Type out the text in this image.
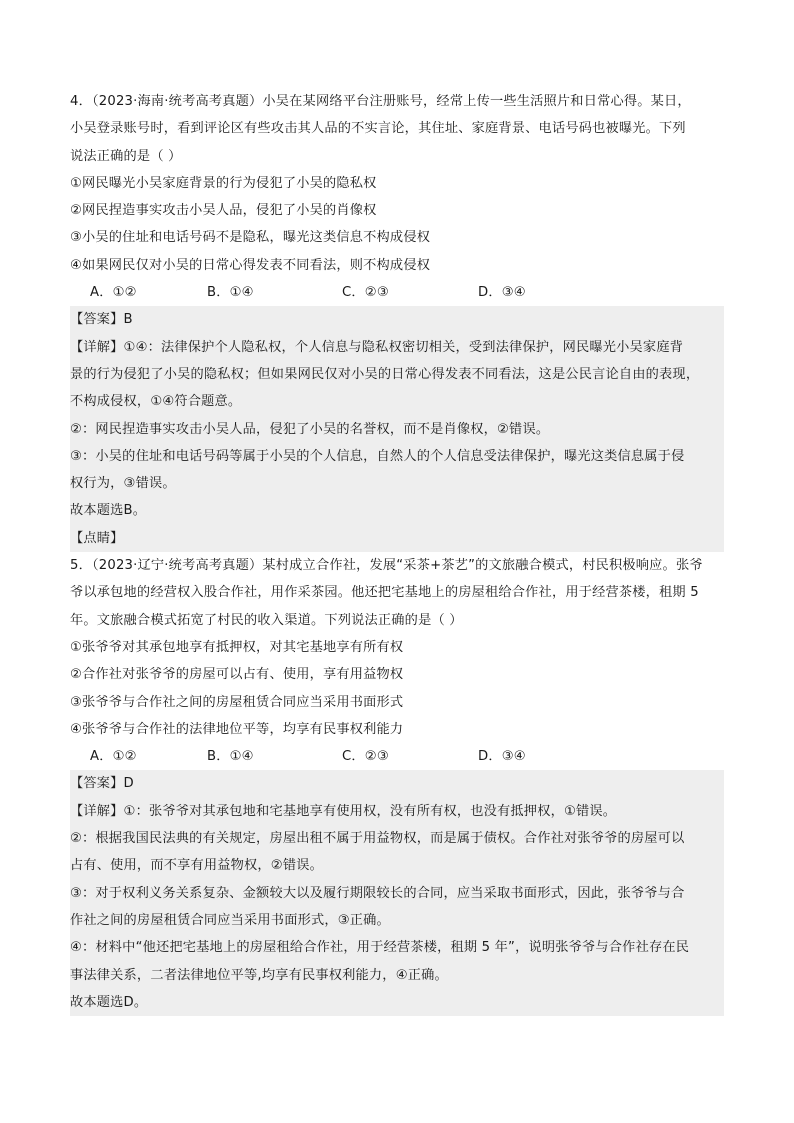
4．（2023·海南·统考高考真题）小吴在某网络平台注册账号，经常上传一些生活照片和日常心得。某日，
小吴登录账号时，看到评论区有些攻击其人品的不实言论，其住址、家庭背景、电话号码也被曝光。下列
说法正确的是（ ）
①网民曝光小吴家庭背景的行为侵犯了小吴的隐私权
②网民捏造事实攻击小吴人品，侵犯了小吴的肖像权
③小吴的住址和电话号码不是隐私，曝光这类信息不构成侵权
④如果网民仅对小吴的日常心得发表不同看法，则不构成侵权
A．①②	B．①④	C．②③	D．③④
【答案】B
【详解】①④：法律保护个人隐私权，个人信息与隐私权密切相关，受到法律保护，网民曝光小吴家庭背
景的行为侵犯了小吴的隐私权；但如果网民仅对小吴的日常心得发表不同看法，这是公民言论自由的表现，
不构成侵权，①④符合题意。
②：网民捏造事实攻击小吴人品，侵犯了小吴的名誉权，而不是肖像权，②错误。
③：小吴的住址和电话号码等属于小吴的个人信息，自然人的个人信息受法律保护，曝光这类信息属于侵
权行为，③错误。
故本题选B。
【点睛】
5．（2023·辽宁·统考高考真题）某村成立合作社，发展“采茶+茶艺”的文旅融合模式，村民积极响应。张爷
爷以承包地的经营权入股合作社，用作采茶园。他还把宅基地上的房屋租给合作社，用于经营茶楼，租期 5
年。文旅融合模式拓宽了村民的收入渠道。下列说法正确的是（ ）
①张爷爷对其承包地享有抵押权，对其宅基地享有所有权
②合作社对张爷爷的房屋可以占有、使用，享有用益物权
③张爷爷与合作社之间的房屋租赁合同应当采用书面形式
④张爷爷与合作社的法律地位平等，均享有民事权利能力
A．①②	B．①④	C．②③	D．③④
【答案】D
【详解】①：张爷爷对其承包地和宅基地享有使用权，没有所有权，也没有抵押权，①错误。
②：根据我国民法典的有关规定，房屋出租不属于用益物权，而是属于债权。合作社对张爷爷的房屋可以
占有、使用，而不享有用益物权，②错误。
③：对于权利义务关系复杂、金额较大以及履行期限较长的合同，应当采取书面形式，因此，张爷爷与合
作社之间的房屋租赁合同应当采用书面形式，③正确。
④：材料中“他还把宅基地上的房屋租给合作社，用于经营茶楼，租期 5 年”，说明张爷爷与合作社存在民
事法律关系，二者法律地位平等,均享有民事权利能力，④正确。
故本题选D。
